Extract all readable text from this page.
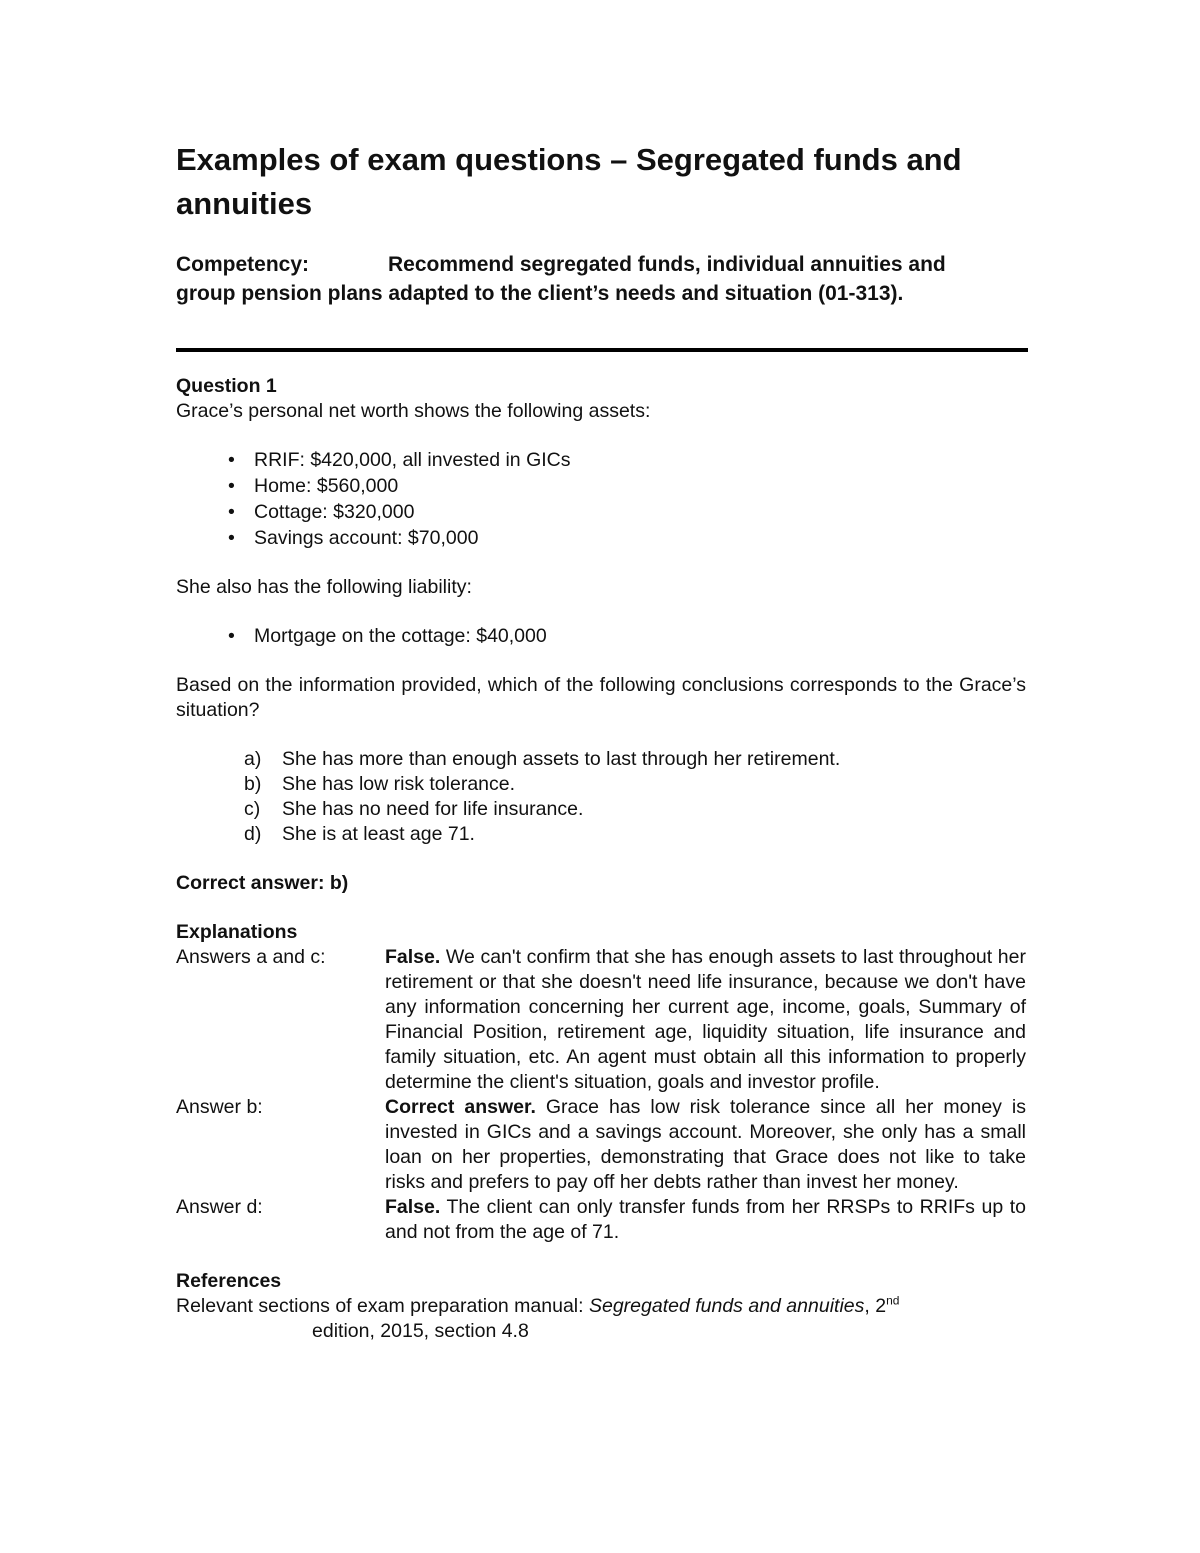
Examples of exam questions – Segregated funds and annuities
Competency:	Recommend segregated funds, individual annuities and
group pension plans adapted to the client’s needs and situation (01-313).
Question 1
Grace’s personal net worth shows the following assets:
• RRIF: $420,000, all invested in GICs
• Home: $560,000
• Cottage: $320,000
• Savings account: $70,000
She also has the following liability:
• Mortgage on the cottage: $40,000
Based on the information provided, which of the following conclusions corresponds to the Grace’s situation?
a) She has more than enough assets to last through her retirement.
b) She has low risk tolerance.
c) She has no need for life insurance.
d) She is at least age 71.
Correct answer: b)
Explanations
Answers a and c:	False. We can't confirm that she has enough assets to last throughout her retirement or that she doesn't need life insurance, because we don't have any information concerning her current age, income, goals, Summary of Financial Position, retirement age, liquidity situation, life insurance and family situation, etc. An agent must obtain all this information to properly determine the client's situation, goals and investor profile.
Answer b:	Correct answer. Grace has low risk tolerance since all her money is invested in GICs and a savings account. Moreover, she only has a small loan on her properties, demonstrating that Grace does not like to take risks and prefers to pay off her debts rather than invest her money.
Answer d:	False. The client can only transfer funds from her RRSPs to RRIFs up to and not from the age of 71.
References
Relevant sections of exam preparation manual: Segregated funds and annuities, 2nd
edition, 2015, section 4.8
